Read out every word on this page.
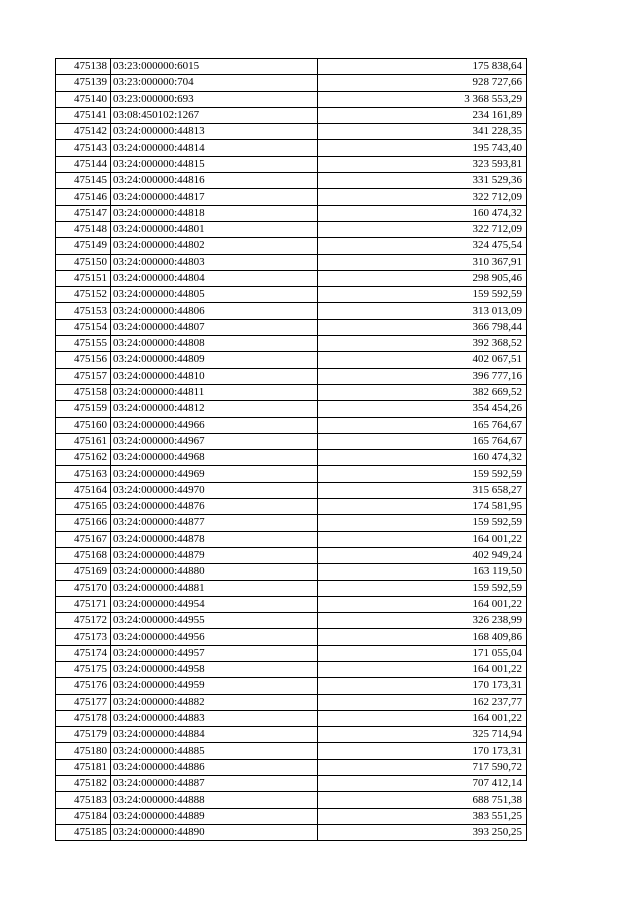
475138	03:23:000000:6015	175 838,64
475139	03:23:000000:704	928 727,66
475140	03:23:000000:693	3 368 553,29
475141	03:08:450102:1267	234 161,89
475142	03:24:000000:44813	341 228,35
475143	03:24:000000:44814	195 743,40
475144	03:24:000000:44815	323 593,81
475145	03:24:000000:44816	331 529,36
475146	03:24:000000:44817	322 712,09
475147	03:24:000000:44818	160 474,32
475148	03:24:000000:44801	322 712,09
475149	03:24:000000:44802	324 475,54
475150	03:24:000000:44803	310 367,91
475151	03:24:000000:44804	298 905,46
475152	03:24:000000:44805	159 592,59
475153	03:24:000000:44806	313 013,09
475154	03:24:000000:44807	366 798,44
475155	03:24:000000:44808	392 368,52
475156	03:24:000000:44809	402 067,51
475157	03:24:000000:44810	396 777,16
475158	03:24:000000:44811	382 669,52
475159	03:24:000000:44812	354 454,26
475160	03:24:000000:44966	165 764,67
475161	03:24:000000:44967	165 764,67
475162	03:24:000000:44968	160 474,32
475163	03:24:000000:44969	159 592,59
475164	03:24:000000:44970	315 658,27
475165	03:24:000000:44876	174 581,95
475166	03:24:000000:44877	159 592,59
475167	03:24:000000:44878	164 001,22
475168	03:24:000000:44879	402 949,24
475169	03:24:000000:44880	163 119,50
475170	03:24:000000:44881	159 592,59
475171	03:24:000000:44954	164 001,22
475172	03:24:000000:44955	326 238,99
475173	03:24:000000:44956	168 409,86
475174	03:24:000000:44957	171 055,04
475175	03:24:000000:44958	164 001,22
475176	03:24:000000:44959	170 173,31
475177	03:24:000000:44882	162 237,77
475178	03:24:000000:44883	164 001,22
475179	03:24:000000:44884	325 714,94
475180	03:24:000000:44885	170 173,31
475181	03:24:000000:44886	717 590,72
475182	03:24:000000:44887	707 412,14
475183	03:24:000000:44888	688 751,38
475184	03:24:000000:44889	383 551,25
475185	03:24:000000:44890	393 250,25
